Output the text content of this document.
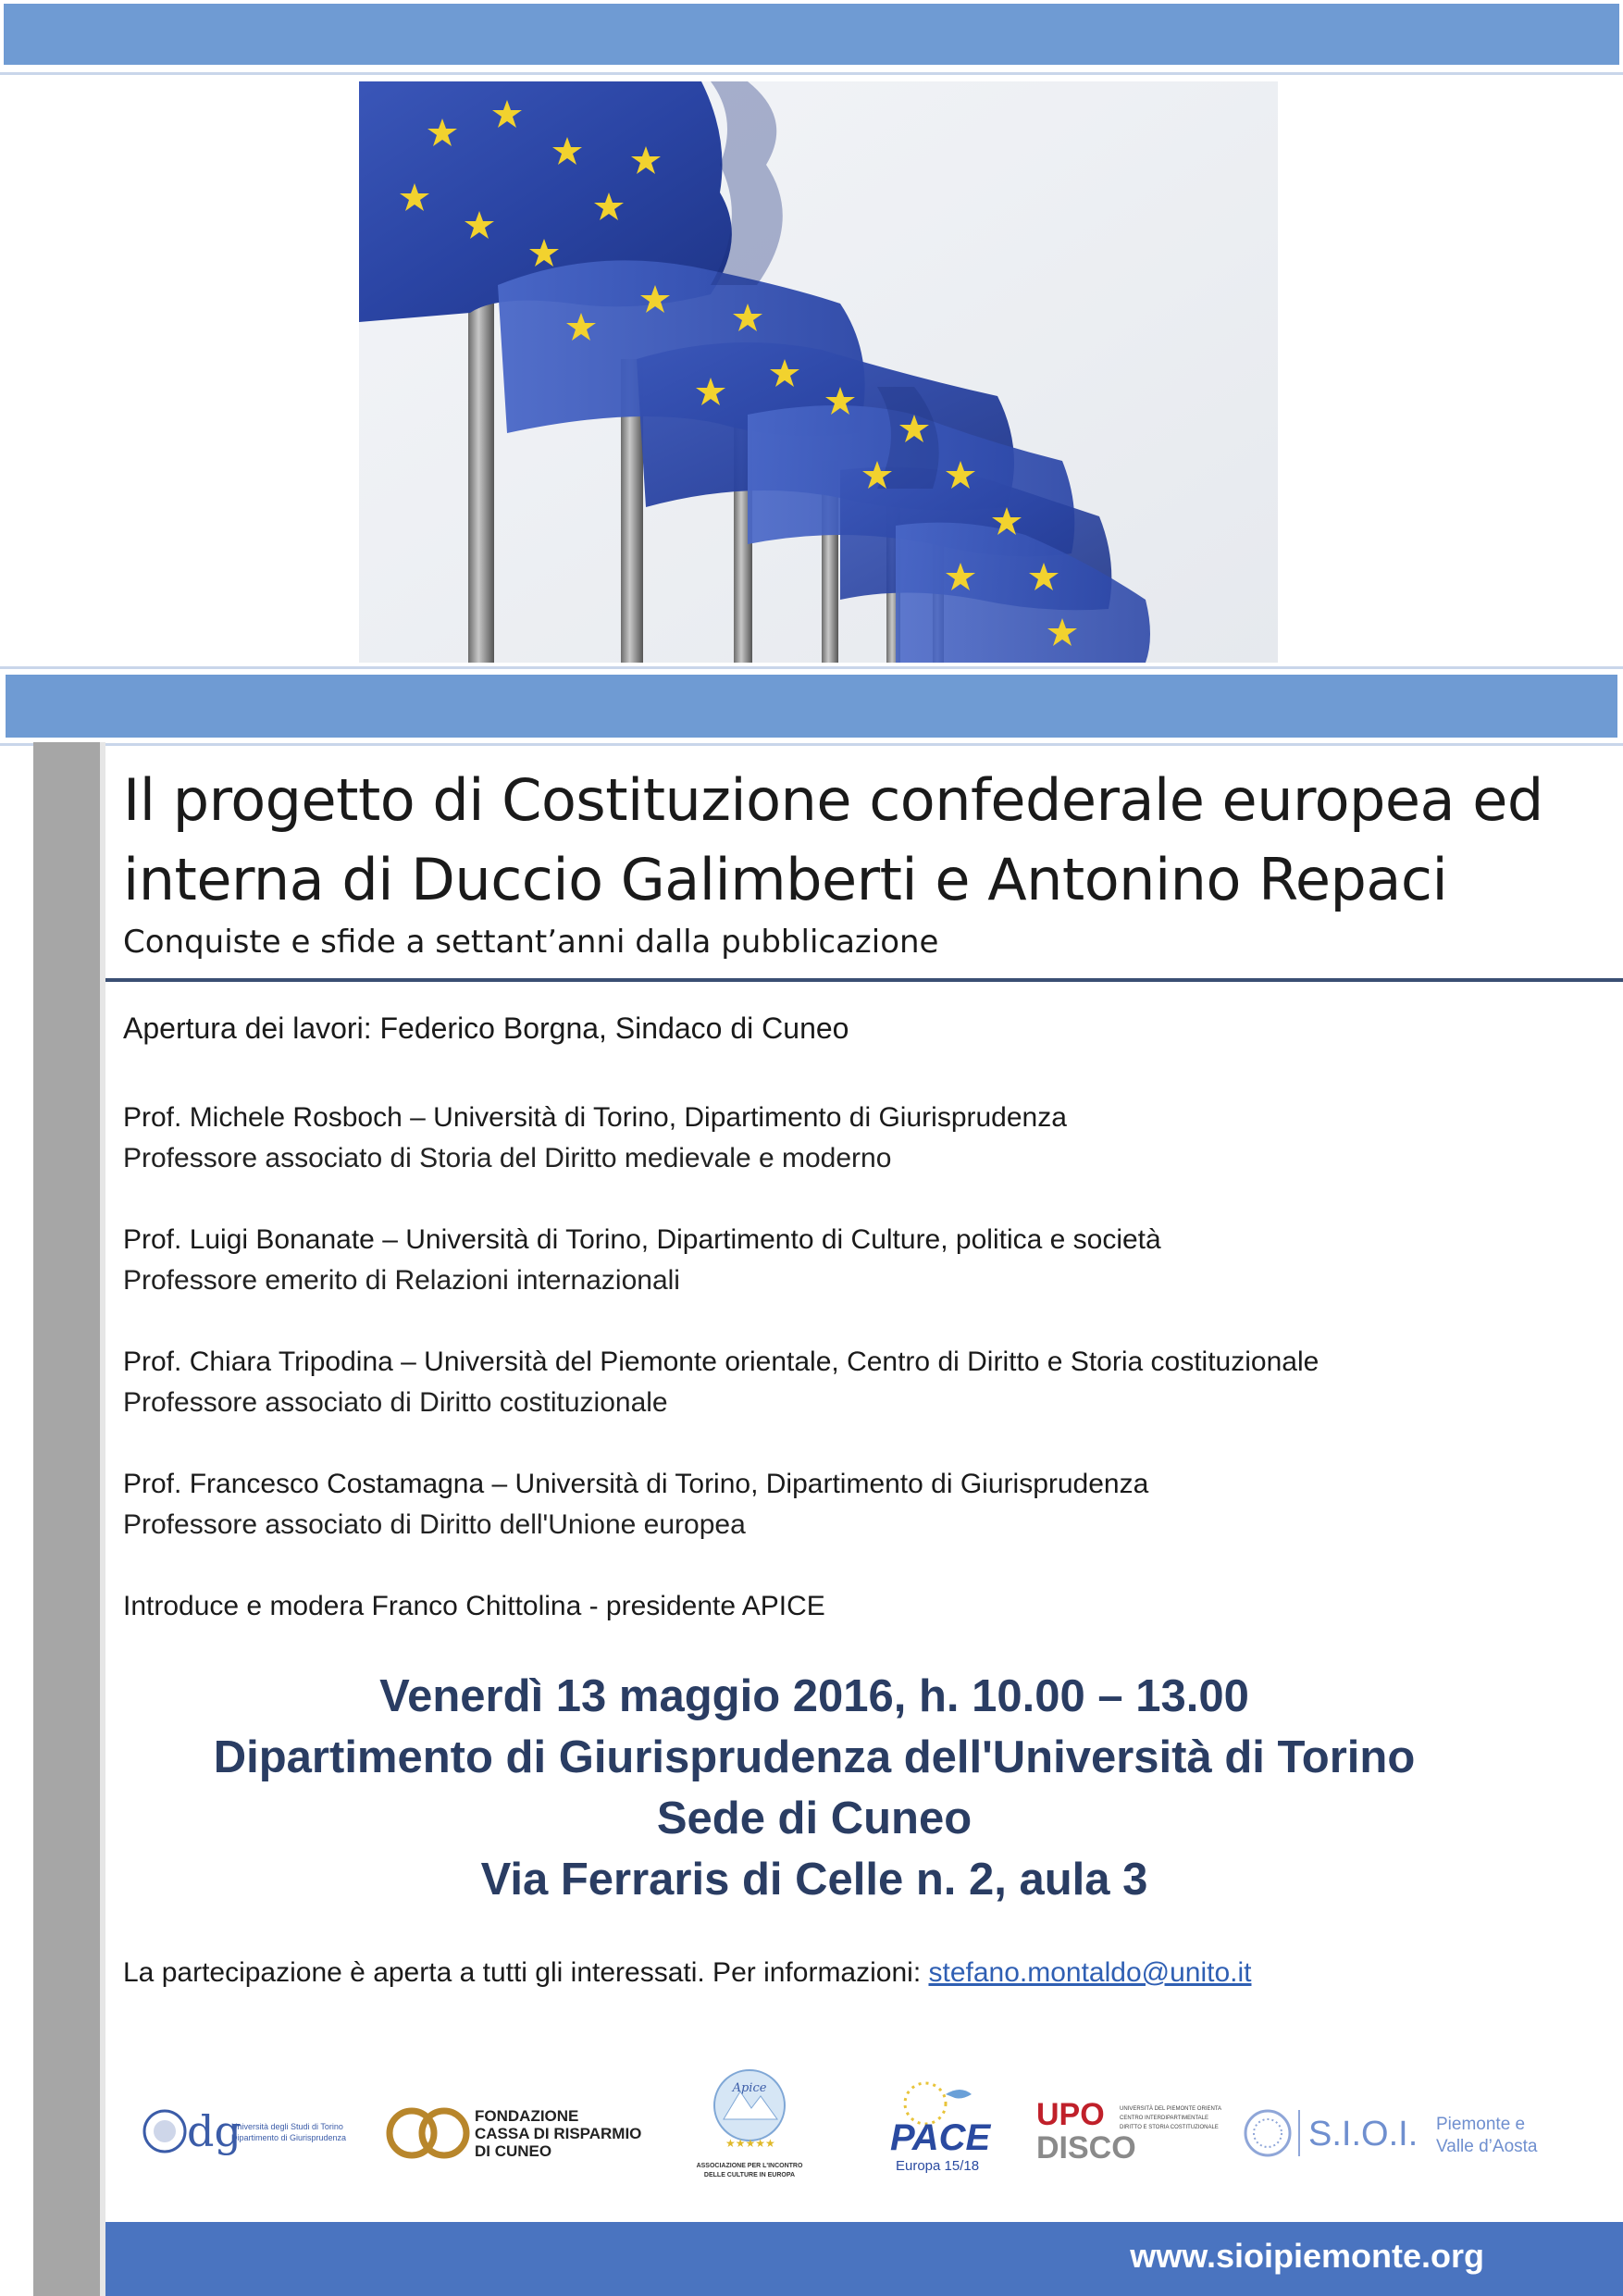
Il progetto di Costituzione confederale europea ed
interna di Duccio Galimberti e Antonino Repaci

Conquiste e sfide a settant’anni dalla pubblicazione

Apertura dei lavori: Federico Borgna, Sindaco di Cuneo
Prof. Michele Rosboch – Università di Torino, Dipartimento di Giurisprudenza
Professore associato di Storia del Diritto medievale e moderno
Prof. Luigi Bonanate – Università di Torino, Dipartimento di Culture, politica e società
Professore emerito di Relazioni internazionali
Prof. Chiara Tripodina – Università del Piemonte orientale, Centro di Diritto e Storia costituzionale
Professore associato di Diritto costituzionale
Prof. Francesco Costamagna – Università di Torino, Dipartimento di Giurisprudenza
Professore associato di Diritto dell'Unione europea
Introduce e modera Franco Chittolina - presidente APICE
Venerdì 13 maggio 2016, h. 10.00 – 13.00
Dipartimento di Giurisprudenza dell'Università di Torino
Sede di Cuneo
Via Ferraris di Celle n. 2, aula 3
La partecipazione è aperta a tutti gli interessati. Per informazioni: stefano.montaldo@unito.it
dg
Università degli Studi di Torino
Dipartimento di Giurisprudenza
FONDAZIONE
CASSA DI RISPARMIO
DI CUNEO
Apice
★★★★★
ASSOCIAZIONE PER L'INCONTRO
DELLE CULTURE IN EUROPA
PACE
Europa 15/18
UPO
DISCO
UNIVERSITÀ DEL PIEMONTE ORIENTALE
CENTRO INTERDIPARTIMENTALE
DIRITTO E STORIA COSTITUZIONALE	S.I.O.I. Piemonte e
Valle d’Aosta
www.sioipiemonte.org
